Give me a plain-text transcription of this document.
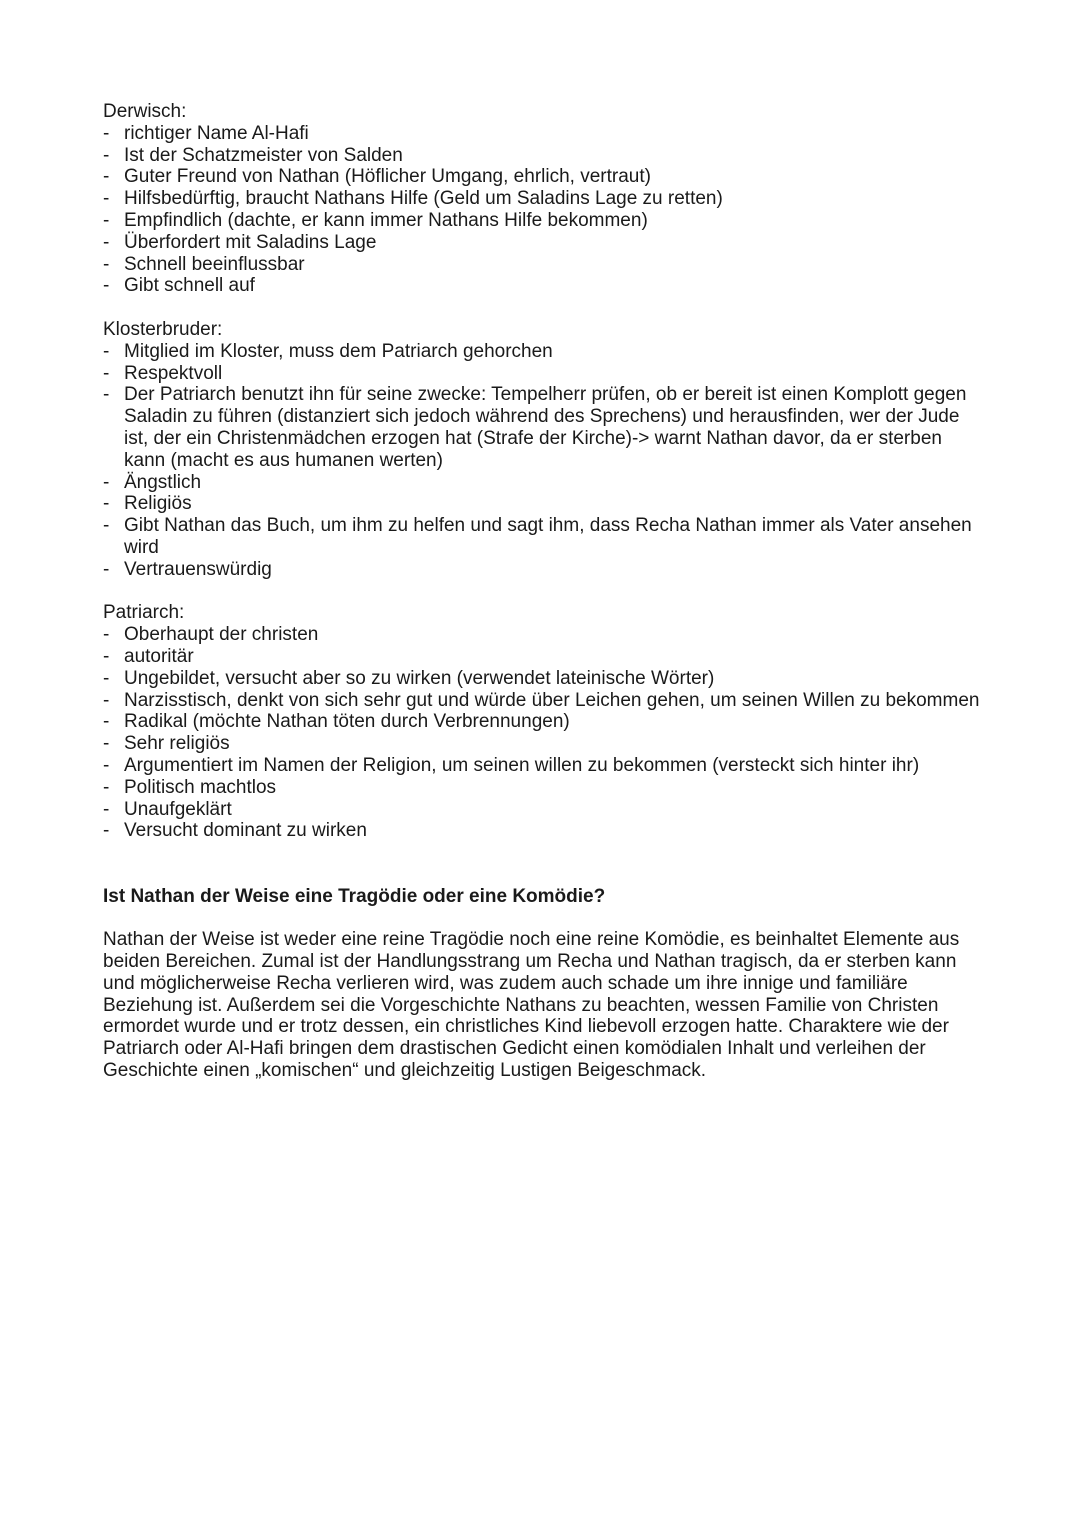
Derwisch:
- richtiger Name Al-Hafi
- Ist der Schatzmeister von Salden
- Guter Freund von Nathan (Höflicher Umgang, ehrlich, vertraut)
- Hilfsbedürftig, braucht Nathans Hilfe (Geld um Saladins Lage zu retten)
- Empfindlich (dachte, er kann immer Nathans Hilfe bekommen)
- Überfordert mit Saladins Lage
- Schnell beeinflussbar
- Gibt schnell auf
Klosterbruder:
- Mitglied im Kloster, muss dem Patriarch gehorchen
- Respektvoll
- Der Patriarch benutzt ihn für seine zwecke: Tempelherr prüfen, ob er bereit ist einen Komplott gegen Saladin zu führen (distanziert sich jedoch während des Sprechens) und herausfinden, wer der Jude ist, der ein Christenmädchen erzogen hat (Strafe der Kirche)-> warnt Nathan davor, da er sterben kann (macht es aus humanen werten)
- Ängstlich
- Religiös
- Gibt Nathan das Buch, um ihm zu helfen und sagt ihm, dass Recha Nathan immer als Vater ansehen wird
- Vertrauenswürdig
Patriarch:
- Oberhaupt der christen
- autoritär
- Ungebildet, versucht aber so zu wirken (verwendet lateinische Wörter)
- Narzisstisch, denkt von sich sehr gut und würde über Leichen gehen, um seinen Willen zu bekommen
- Radikal (möchte Nathan töten durch Verbrennungen)
- Sehr religiös
- Argumentiert im Namen der Religion, um seinen willen zu bekommen (versteckt sich hinter ihr)
- Politisch machtlos
- Unaufgeklärt
- Versucht dominant zu wirken
Ist Nathan der Weise eine Tragödie oder eine Komödie?

Nathan der Weise ist weder eine reine Tragödie noch eine reine Komödie, es beinhaltet Elemente aus beiden Bereichen. Zumal ist der Handlungsstrang um Recha und Nathan tragisch, da er sterben kann und möglicherweise Recha verlieren wird, was zudem auch schade um ihre innige und familiäre Beziehung ist. Außerdem sei die Vorgeschichte Nathans zu beachten, wessen Familie von Christen ermordet wurde und er trotz dessen, ein christliches Kind liebevoll erzogen hatte. Charaktere wie der Patriarch oder Al-Hafi bringen dem drastischen Gedicht einen komödialen Inhalt und verleihen der Geschichte einen „komischen“ und gleichzeitig Lustigen Beigeschmack.
